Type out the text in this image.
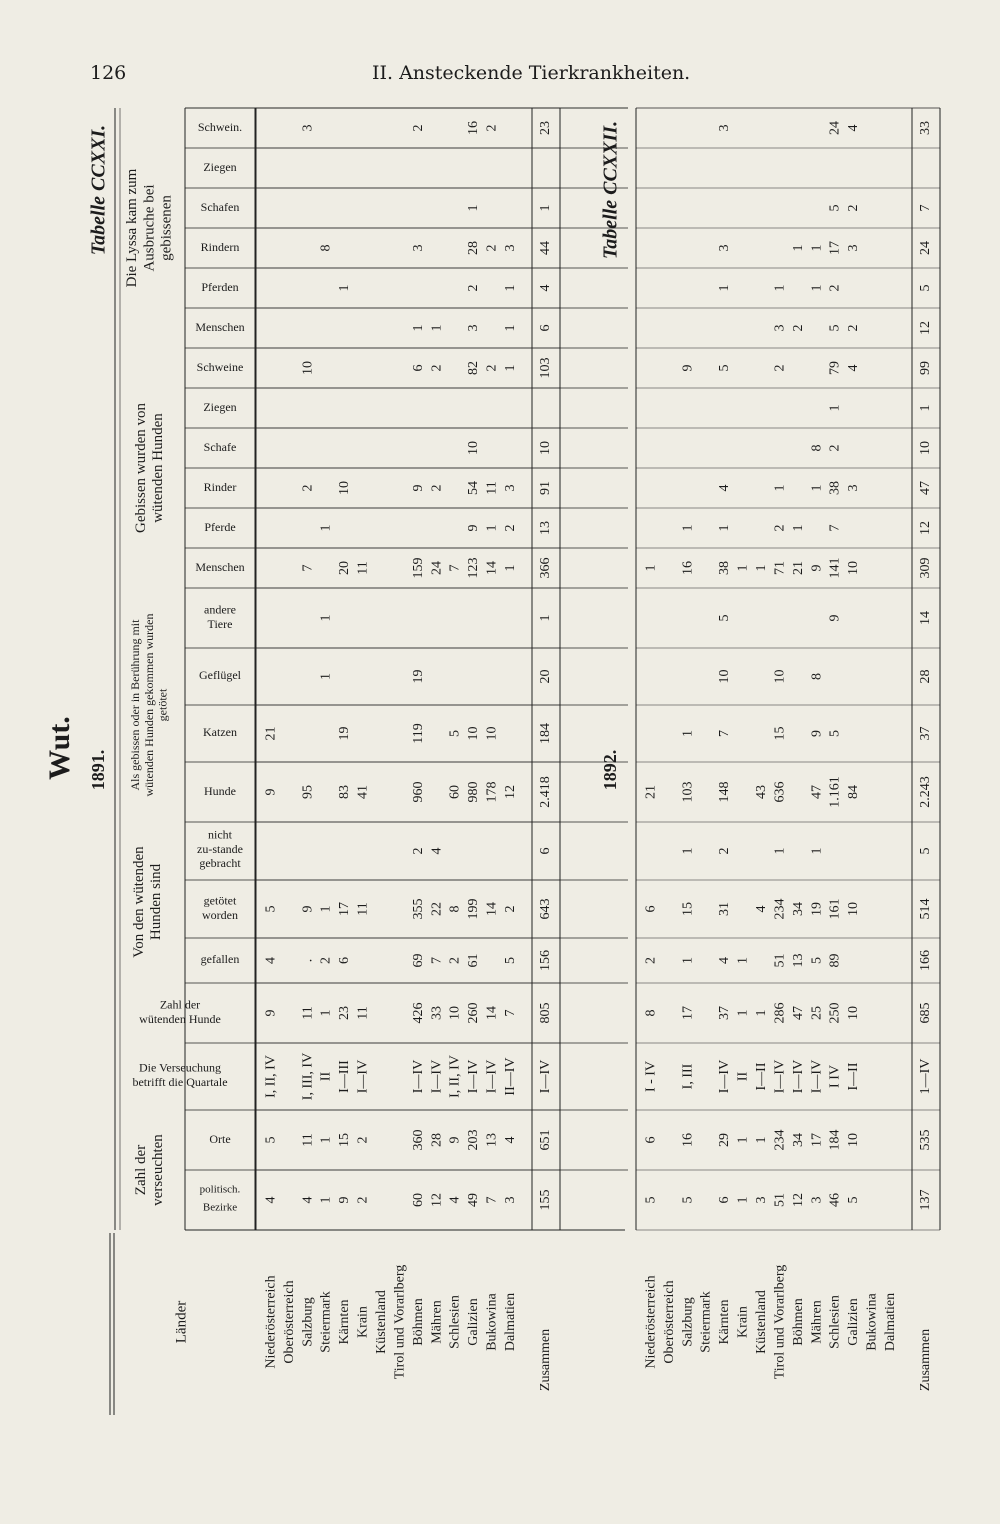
126	II. Ansteckende Tierkrankheiten.
Wut.
Länder
Zahl der verseuchten	politisch.
Bezirke
Orte
Die Verseuchung
betrifft die Quartale
Zahl der
wütenden Hunde
Von den wütenden Hunden sind
gefallen
getötet
worden
nicht
zu-stande
gebracht
Als gebissen oder in Berührung mit wütenden Hunden gekommen wurden getötet
Hunde
Katzen
Geflügel
andere
Tiere
Gebissen wurden von wütenden Hunden
Menschen
Pferde
Rinder
Schafe
Ziegen
Schweine
Die Lyssa kam zum Ausbruche bei gebissenen
Menschen
Pferden
Rindern
Schafen
Ziegen
Schwein.
Tabelle CCXXI.
1891.
Niederösterreich Oberösterreich Salzburg Steiermark Kärnten Krain Küstenland Tirol und Vorarlberg Böhmen Mähren Schlesien Galizien Bukowina Dalmatien
Zusammen
4
5
I, II, IV
9
4
5
9
21
4
11
I, III, IV
11
.
9
95
7
2
10
3
1
1
II
1
2
1
1
1
1
8
9
15
I—III
23
6
17
83
19
20
10
1
2
2
I—IV
11
11
41
11
60
360
I—IV
426
69
355
2
960
119
19
159
9
6
1
3
2
12
28
I—IV
33
7
22
4
24
2
2
1
4
9
I, II, IV
10
2
8
60
5
7
49
203
I—IV
260
61
199
980
10
123
9
54
10
82
3
2
28
1
16
7
13
I—IV
14
14
178
10
14
1
11
2
2
2
3
4
II—IV
7
5
2
12
1
2
3
1
1
1
3
155
651
I—IV
805
156
643
6
2.418
184
20
1
366
13
91
10
103
6
4
44
1
23 Tabelle CCXXII.
1892.
Niederösterreich Oberösterreich Salzburg Steiermark Kärnten Krain Küstenland Tirol und Vorarlberg Böhmen Mähren Schlesien Galizien Bukowina Dalmatien
Zusammen
5
6
I - IV
8
2
6
21
1
5
16
I, III
17
1
15
1
103
1
16
1
9
6
29
I—IV
37
4
31
2
148
7
10
5
38
1
4
5
1
3
3
1
1
II
1
1
1
3
1
I—II
1
4
43
1
51
234
I—IV
286
51
234
1
636
15
10
71
2
1
2
3
1
12
34
I—IV
47
13
34
21
1
2
1
3
17
I—IV
25
5
19
1
47
9
8
9
1
8
1
1
46
184
I IV
250
89
161
1.161
5
9
141
7
38
2
1
79
5
2
17
5
24
5
10
I—II
10
10
84
10
3
4
2
3
2
4
137
535
1—IV
685
166
514
5
2.243
37
28
14
309
12
47
10
1
99
12
5
24
7
33
